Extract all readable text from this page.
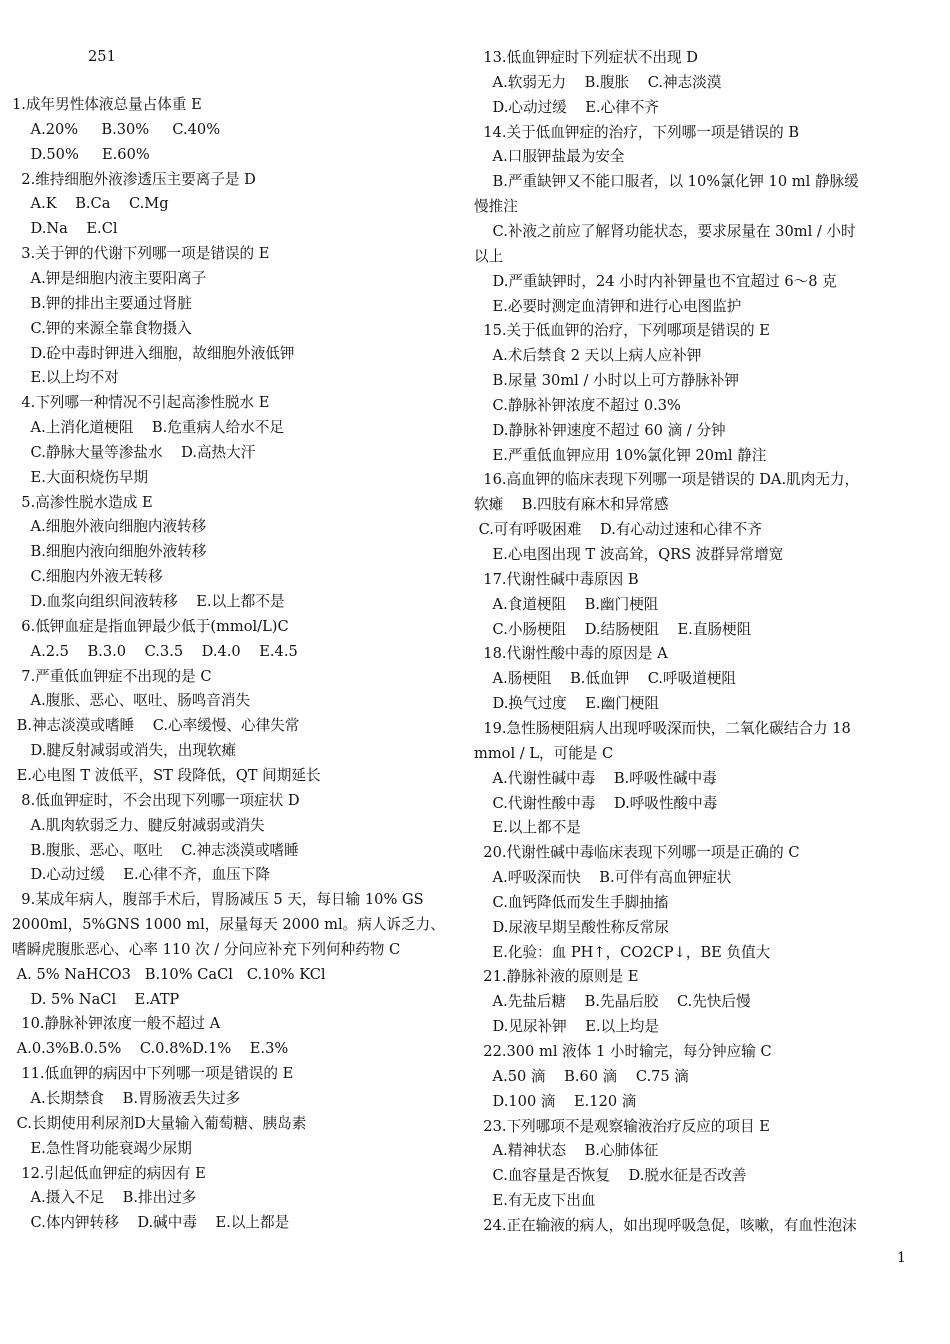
251
1.成年男性体液总量占体重 E
A.20%     B.30%     C.40%
D.50%     E.60%
2.维持细胞外液渗透压主要离子是 D
A.K    B.Ca    C.Mg
D.Na    E.Cl
3.关于钾的代谢下列哪一项是错误的 E
A.钾是细胞内液主要阳离子
B.钾的排出主要通过肾脏
C.钾的来源全靠食物摄入
D.砼中毒时钾进入细胞，故细胞外液低钾
E.以上均不对
4.下列哪一种情况不引起高渗性脱水 E
A.上消化道梗阻    B.危重病人给水不足
C.静脉大量等渗盐水    D.高热大汗
E.大面积烧伤早期
5.高渗性脱水造成 E
A.细胞外液向细胞内液转移
B.细胞内液向细胞外液转移
C.细胞内外液无转移
D.血浆向组织间液转移    E.以上都不是
6.低钾血症是指血钾最少低于(mmol/L)C
A.2.5    B.3.0    C.3.5    D.4.0    E.4.5
7.严重低血钾症不出现的是 C
A.腹胀、恶心、呕吐、肠鸣音消失
B.神志淡漠或嗜睡    C.心率缓慢、心律失常
D.腱反射减弱或消失，出现软瘫
E.心电图 T 波低平，ST 段降低，QT 间期延长
8.低血钾症时，不会出现下列哪一项症状 D
A.肌肉软弱乏力、腱反射减弱或消失
B.腹胀、恶心、呕吐    C.神志淡漠或嗜睡
D.心动过缓    E.心律不齐，血压下降
9.某成年病人，腹部手术后，胃肠减压 5 天，每日输 10% GS
2000ml，5%GNS 1000 ml，尿量每天 2000 ml。病人诉乏力、
嗜瞬虎腹胀恶心、心率 110 次 / 分问应补充下列何种药物 C
A. 5% NaHCO3   B.10% CaCl   C.10% KCl
D. 5% NaCl    E.ATP
10.静脉补钾浓度一般不超过 A
A.0.3%B.0.5%    C.0.8%D.1%    E.3%
11.低血钾的病因中下列哪一项是错误的 E
A.长期禁食    B.胃肠液丢失过多
C.长期使用利尿剂D大量输入葡萄糖、胰岛素
E.急性肾功能衰竭少尿期
12.引起低血钾症的病因有 E
A.摄入不足    B.排出过多
C.体内钾转移    D.碱中毒    E.以上都是
13.低血钾症时下列症状不出现 D
A.软弱无力    B.腹胀    C.神志淡漠
D.心动过缓    E.心律不齐
14.关于低血钾症的治疗，下列哪一项是错误的 B
A.口服钾盐最为安全
B.严重缺钾又不能口服者，以 10%氯化钾 10 ml 静脉缓
慢推注
C.补液之前应了解肾功能状态，要求尿量在 30ml / 小时
以上
D.严重缺钾时，24 小时内补钾量也不宜超过 6～8 克
E.必要时测定血清钾和进行心电图监护
15.关于低血钾的治疗，下列哪项是错误的 E
A.术后禁食 2 天以上病人应补钾
B.尿量 30ml / 小时以上可方静脉补钾
C.静脉补钾浓度不超过 0.3%
D.静脉补钾速度不超过 60 滴 / 分钟
E.严重低血钾应用 10%氯化钾 20ml 静注
16.高血钾的临床表现下列哪一项是错误的 DA.肌肉无力，
软瘫    B.四肢有麻木和异常感
C.可有呼吸困难    D.有心动过速和心律不齐
E.心电图出现 T 波高耸，QRS 波群异常增宽
17.代谢性碱中毒原因 B
A.食道梗阻    B.幽门梗阻
C.小肠梗阻    D.结肠梗阻    E.直肠梗阻
18.代谢性酸中毒的原因是 A
A.肠梗阻    B.低血钾    C.呼吸道梗阻
D.换气过度    E.幽门梗阻
19.急性肠梗阻病人出现呼吸深而快，二氧化碳结合力 18
mmol / L，可能是 C
A.代谢性碱中毒    B.呼吸性碱中毒
C.代谢性酸中毒    D.呼吸性酸中毒
E.以上都不是
20.代谢性碱中毒临床表现下列哪一项是正确的 C
A.呼吸深而快    B.可伴有高血钾症状
C.血钙降低而发生手脚抽搐
D.尿液早期呈酸性称反常尿
E.化验：血 PH↑，CO2CP↓，BE 负值大
21.静脉补液的原则是 E
A.先盐后糖    B.先晶后胶    C.先快后慢
D.见尿补钾    E.以上均是
22.300 ml 液体 1 小时输完，每分钟应输 C
A.50 滴    B.60 滴    C.75 滴
D.100 滴    E.120 滴
23.下列哪项不是观察输液治疗反应的项目 E
A.精神状态    B.心肺体征
C.血容量是否恢复    D.脱水征是否改善
E.有无皮下出血
24.正在输液的病人，如出现呼吸急促，咳嗽，有血性泡沫
1
